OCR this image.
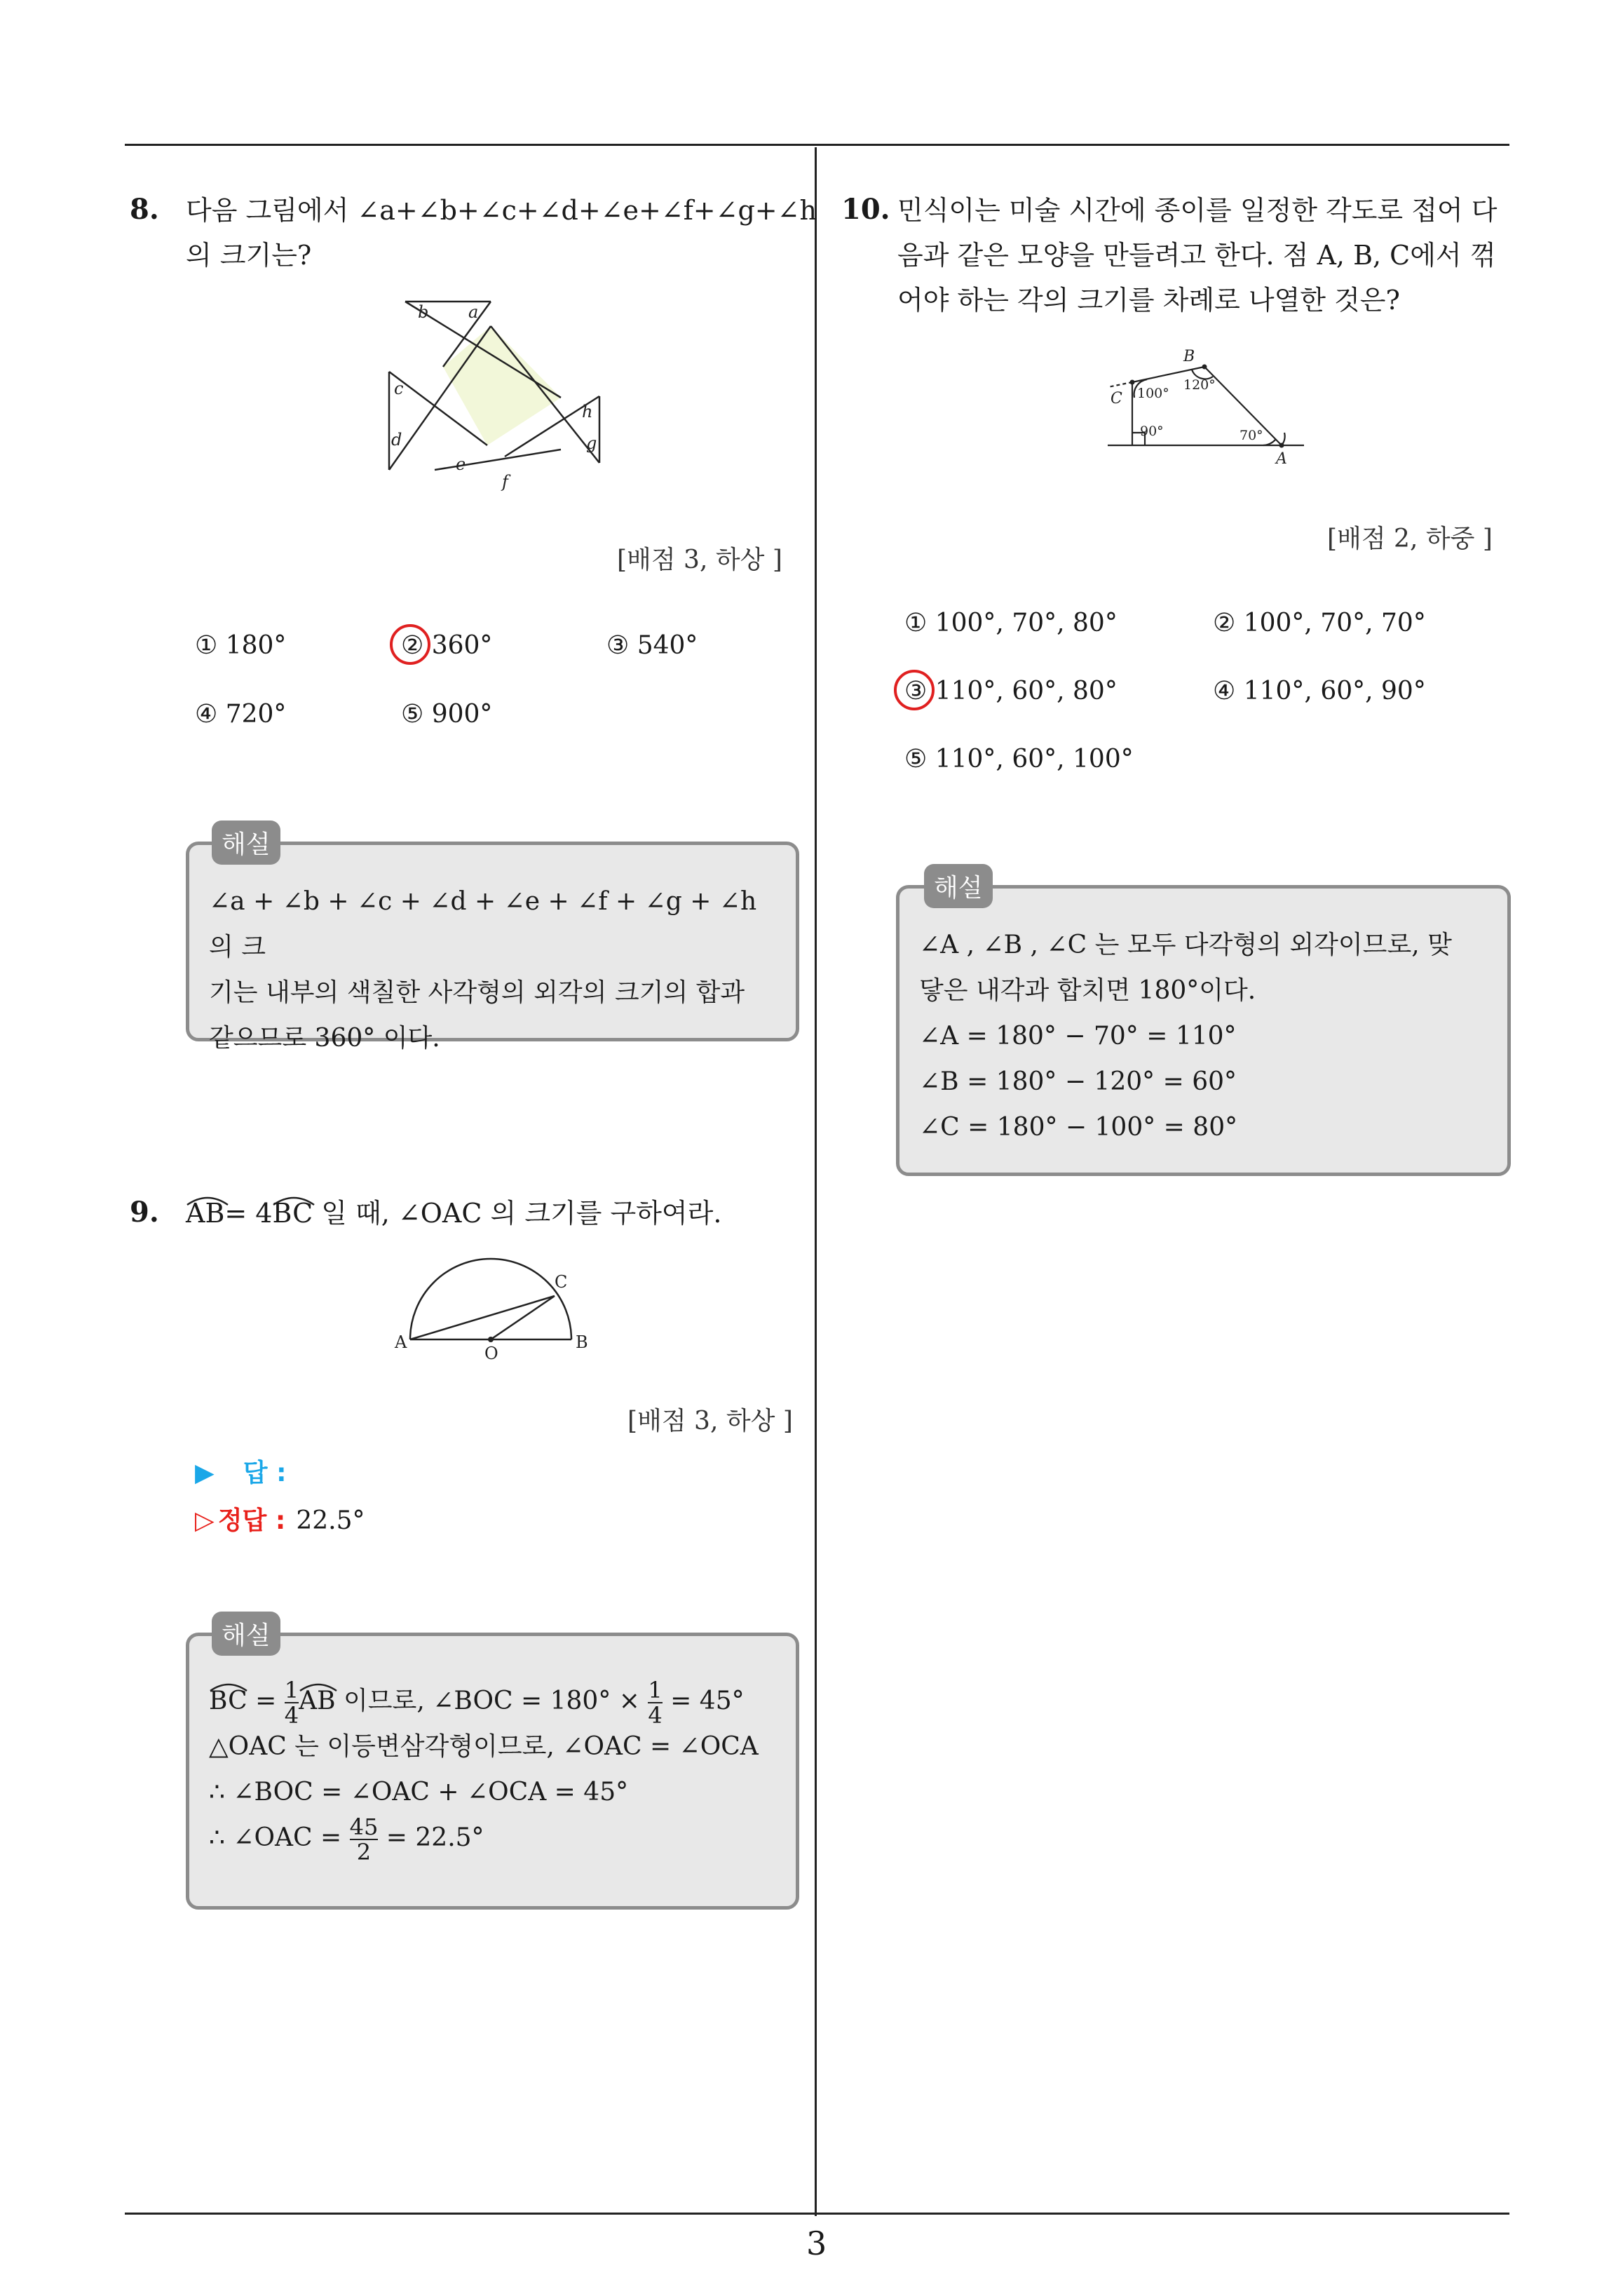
3
8. 다음 그림에서 ∠a+∠b+∠c+∠d+∠e+∠f+∠g+∠h
의 크기는?
b a
c
d
h
g
e
f
[배점 3, 하상 ]
① 180°	② 360°	③ 540°
④ 720°	⑤ 900°
∠a + ∠b + ∠c + ∠d + ∠e + ∠f + ∠g + ∠h 의 크
기는 내부의 색칠한 사각형의 외각의 크기의 합과
같으므로 360° 이다.
해설
9. AB= 4
BC 일 때, ∠OAC 의 크기를 구하여라.
A
O
B
C
[배점 3, 하상 ]
▶ 답 :
▷ 정답 : 22.5°
BC = $\frac{1}{4}$ AB 이므로, ∠BOC = $180^\circ \times \frac{1}{4} = 45^\circ$
△OAC 는 이등변삼각형이므로, ∠OAC = ∠OCA
∴ ∠BOC = ∠OAC + ∠OCA = 45°
∴ ∠OAC = $\frac{45}{2} = 22.5^\circ$
해설
10. 민식이는 미술 시간에 종이를 일정한 각도로 접어 다
음과 같은 모양을 만들려고 한다. 점 A, B, C에서 꺾
어야 하는 각의 크기를 차례로 나열한 것은?
B
C
A
100°
120°
90°	70°
[배점 2, 하중 ]
① 100°, 70°, 80°	② 100°, 70°, 70°
③ 110°, 60°, 80°	④ 110°, 60°, 90°
⑤ 110°, 60°, 100°
∠A , ∠B , ∠C 는 모두 다각형의 외각이므로, 맞
닿은 내각과 합치면 180°이다.
∠A = 180° − 70° = 110°
∠B = 180° − 120° = 60°
∠C = 180° − 100° = 80°
해설
